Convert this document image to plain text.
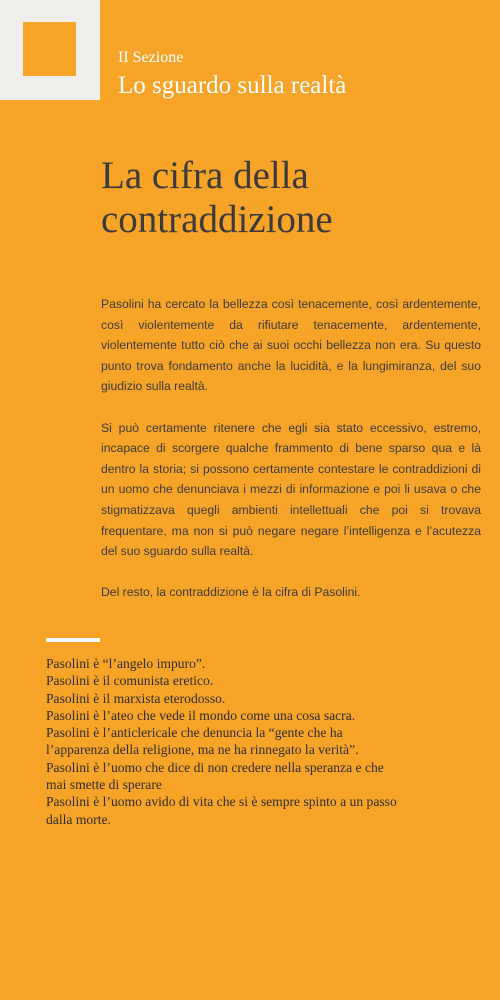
II Sezione
Lo sguardo sulla realtà
La cifra della
contraddizione

Pasolini ha cercato la bellezza così tenacemente, così ardentemente, così violentemente da rifiutare tenacemente, ardentemente, violentemente tutto ciò che ai suoi occhi bellezza non era. Su questo punto trova fondamento anche la lucidità, e la lungimiranza, del suo giudizio sulla realtà.

Si può certamente ritenere che egli sia stato eccessivo, estremo, incapace di scorgere qualche frammento di bene sparso qua e là dentro la storia; si possono certamente contestare le contraddizioni di un uomo che denunciava i mezzi di informazione e poi li usava o che stigmatizzava quegli ambienti intellettuali che poi si trovava frequentare, ma non si può negare negare l’intelligenza e l’acutezza del suo sguardo sulla realtà.

Del resto, la contraddizione è la cifra di Pasolini.

Pasolini è “l’angelo impuro”.
Pasolini è il comunista eretico.
Pasolini è il marxista eterodosso.
Pasolini è l’ateo che vede il mondo come una cosa sacra.
Pasolini è l’anticlericale che denuncia la “gente che ha
l’apparenza della religione, ma ne ha rinnegato la verità”.
Pasolini è l’uomo che dice di non credere nella speranza e che
mai smette di sperare
Pasolini è l’uomo avido di vita che si è sempre spinto a un passo
dalla morte.
